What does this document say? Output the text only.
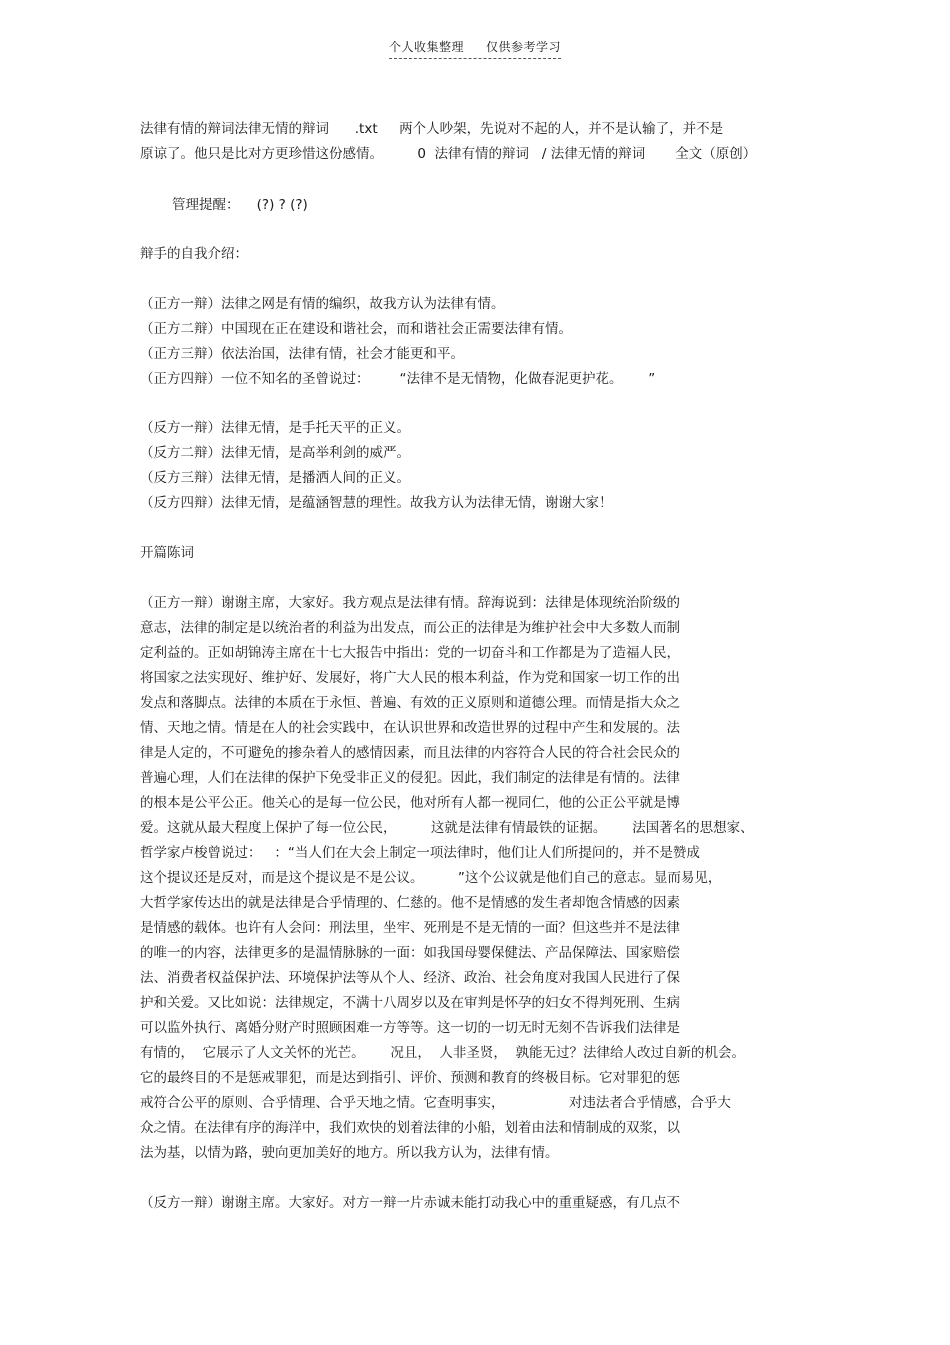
个人收集整理 仅供参考学习
法律有情的辩词法律无情的辩词      .txt     两个人吵架，先说对不起的人，并不是认输了，并不是
原谅了。他只是比对方更珍惜这份感情。        0  法律有情的辩词   / 法律无情的辩词       全文（原创）
管理提醒：    (?) ? (?)
辩手的自我介绍：
（正方一辩）法律之网是有情的编织，故我方认为法律有情。
（正方二辩）中国现在正在建设和谐社会，而和谐社会正需要法律有情。
（正方三辩）依法治国，法律有情，社会才能更和平。
（正方四辩）一位不知名的圣曾说过：       “法律不是无情物，化做春泥更护花。      ”
（反方一辩）法律无情，是手托天平的正义。
（反方二辩）法律无情，是高举利剑的威严。
（反方三辩）法律无情，是播洒人间的正义。
（反方四辩）法律无情，是蕴涵智慧的理性。故我方认为法律无情，谢谢大家！
开篇陈词
（正方一辩）谢谢主席，大家好。我方观点是法律有情。辞海说到：法律是体现统治阶级的
意志，法律的制定是以统治者的利益为出发点，而公正的法律是为维护社会中大多数人而制
定利益的。正如胡锦涛主席在十七大报告中指出：党的一切奋斗和工作都是为了造福人民，
将国家之法实现好、维护好、发展好，将广大人民的根本利益，作为党和国家一切工作的出
发点和落脚点。法律的本质在于永恒、普遍、有效的正义原则和道德公理。而情是指大众之
情、天地之情。情是在人的社会实践中，在认识世界和改造世界的过程中产生和发展的。法
律是人定的，不可避免的掺杂着人的感情因素，而且法律的内容符合人民的符合社会民众的
普遍心理，人们在法律的保护下免受非正义的侵犯。因此，我们制定的法律是有情的。法律
的根本是公平公正。他关心的是每一位公民，他对所有人都一视同仁，他的公正公平就是博
爱。这就从最大程度上保护了每一位公民，        这就是法律有情最铁的证据。      法国著名的思想家、
哲学家卢梭曾说过：   ：“当人们在大会上制定一项法律时，他们让人们所提问的，并不是赞成
这个提议还是反对，而是这个提议是不是公议。        ”这个公议就是他们自己的意志。显而易见，
大哲学家传达出的就是法律是合乎情理的、仁慈的。他不是情感的发生者却饱含情感的因素
是情感的载体。也许有人会问：刑法里，坐牢、死刑是不是无情的一面？但这些并不是法律
的唯一的内容，法律更多的是温情脉脉的一面：如我国母婴保健法、产品保障法、国家赔偿
法、消费者权益保护法、环境保护法等从个人、经济、政治、社会角度对我国人民进行了保
护和关爱。又比如说：法律规定，不满十八周岁以及在审判是怀孕的妇女不得判死刑、生病
可以监外执行、离婚分财产时照顾困难一方等等。这一切的一切无时无刻不告诉我们法律是
有情的，  它展示了人文关怀的光芒。      况且，  人非圣贤，  孰能无过？法律给人改过自新的机会。
它的最终目的不是惩戒罪犯，而是达到指引、评价、预测和教育的终极目标。它对罪犯的惩
戒符合公平的原则、合乎情理、合乎天地之情。它查明事实，               对违法者合乎情感，合乎大
众之情。在法律有序的海洋中，我们欢快的划着法律的小船，划着由法和情制成的双浆，以
法为基，以情为路，驶向更加美好的地方。所以我方认为，法律有情。
（反方一辩）谢谢主席。大家好。对方一辩一片赤诚未能打动我心中的重重疑惑，有几点不
